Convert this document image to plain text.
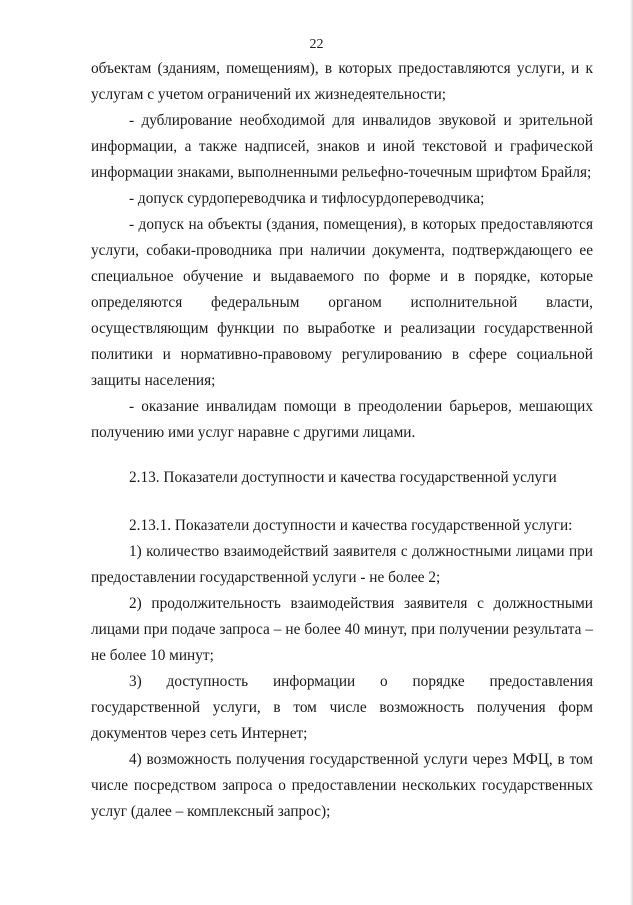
22

объектам (зданиям, помещениям), в которых предоставляются услуги, и к услугам с учетом ограничений их жизнедеятельности;

- дублирование необходимой для инвалидов звуковой и зрительной информации, а также надписей, знаков и иной текстовой и графической информации знаками, выполненными рельефно-точечным шрифтом Брайля;

- допуск сурдопереводчика и тифлосурдопереводчика;

- допуск на объекты (здания, помещения), в которых предоставляются услуги, собаки-проводника при наличии документа, подтверждающего ее специальное обучение и выдаваемого по форме и в порядке, которые определяются федеральным органом исполнительной власти, осуществляющим функции по выработке и реализации государственной политики и нормативно-правовому регулированию в сфере социальной защиты населения;

- оказание инвалидам помощи в преодолении барьеров, мешающих получению ими услуг наравне с другими лицами.

2.13. Показатели доступности и качества государственной услуги

2.13.1. Показатели доступности и качества государственной услуги:

1) количество взаимодействий заявителя с должностными лицами при предоставлении государственной услуги - не более 2;

2) продолжительность взаимодействия заявителя с должностными лицами при подаче запроса – не более 40 минут, при получении результата – не более 10 минут;

3) доступность информации о порядке предоставления государственной услуги, в том числе возможность получения форм документов через сеть Интернет;

4) возможность получения государственной услуги через МФЦ, в том числе посредством запроса о предоставлении нескольких государственных услуг (далее – комплексный запрос);
